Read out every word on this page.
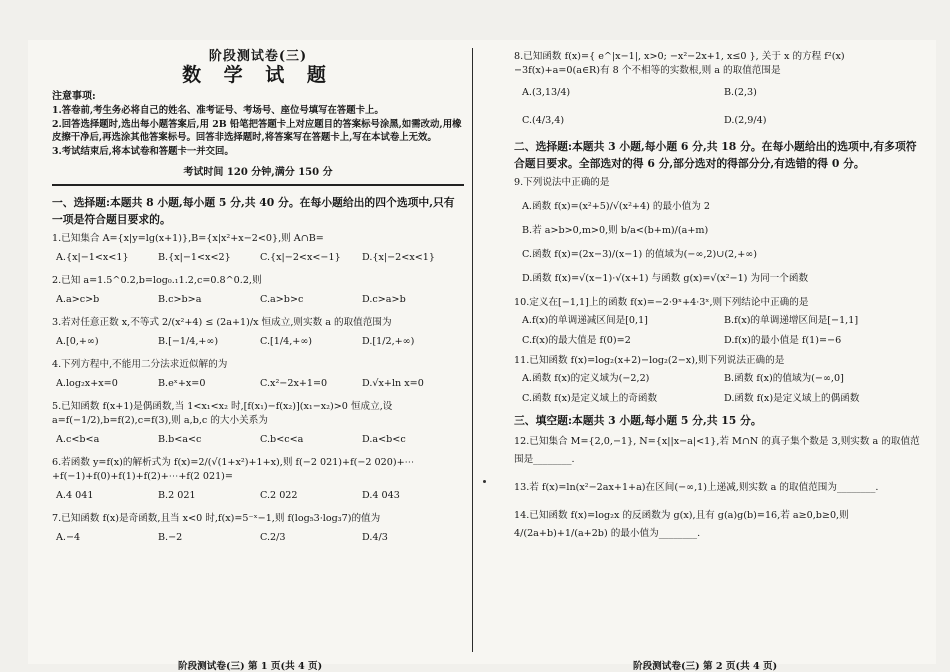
阶段测试卷(三)
数 学 试 题
注意事项:
1.答卷前,考生务必将自己的姓名、准考证号、考场号、座位号填写在答题卡上。
2.回答选择题时,选出每小题答案后,用 2B 铅笔把答题卡上对应题目的答案标号涂黑,如需改动,用橡皮擦干净后,再选涂其他答案标号。回答非选择题时,将答案写在答题卡上,写在本试卷上无效。
3.考试结束后,将本试卷和答题卡一并交回。
考试时间 120 分钟,满分 150 分
一、选择题:本题共 8 小题,每小题 5 分,共 40 分。在每小题给出的四个选项中,只有一项是符合题目要求的。
1.已知集合 A={x|y=lg(x+1)},B={x|x²+x−2<0},则 A∩B=
A.{x|−1<x<1}	B.{x|−1<x<2}	C.{x|−2<x<−1}	D.{x|−2<x<1}
2.已知 a=1.5^0.2,b=log₀.₁1.2,c=0.8^0.2,则
A.a>c>b	B.c>b>a	C.a>b>c	D.c>a>b
3.若对任意正数 x,不等式 2/(x²+4) ≤ (2a+1)/x 恒成立,则实数 a 的取值范围为
A.[0,+∞)	B.[−1/4,+∞)	C.[1/4,+∞)	D.[1/2,+∞)
4.下列方程中,不能用二分法求近似解的为
A.log₂x+x=0	B.eˣ+x=0	C.x²−2x+1=0	D.√x+ln x=0
5.已知函数 f(x+1)是偶函数,当 1<x₁<x₂ 时,[f(x₁)−f(x₂)](x₁−x₂)>0 恒成立,设 a=f(−1/2),b=f(2),c=f(3),则 a,b,c 的大小关系为
A.c<b<a	B.b<a<c	C.b<c<a	D.a<b<c
6.若函数 y=f(x)的解析式为 f(x)=2/(√(1+x²)+1+x),则 f(−2 021)+f(−2 020)+⋯+f(−1)+f(0)+f(1)+f(2)+⋯+f(2 021)=
A.4 041	B.2 021	C.2 022	D.4 043
7.已知函数 f(x)是奇函数,且当 x<0 时,f(x)=5⁻ˣ−1,则 f(log₅3·log₃7)的值为
A.−4	B.−2	C.2/3	D.4/3
阶段测试卷(三) 第 1 页(共 4 页)
8.已知函数 f(x)={ e^|x−1|, x>0; −x²−2x+1, x≤0 }, 关于 x 的方程 f²(x)−3f(x)+a=0(a∈R)有 8 个不相等的实数根,则 a 的取值范围是
A.(3,13/4)	B.(2,3)
C.(4/3,4)	D.(2,9/4)
二、选择题:本题共 3 小题,每小题 6 分,共 18 分。在每小题给出的选项中,有多项符合题目要求。全部选对的得 6 分,部分选对的得部分分,有选错的得 0 分。
9.下列说法中正确的是
A.函数 f(x)=(x²+5)/√(x²+4) 的最小值为 2
B.若 a>b>0,m>0,则 b/a<(b+m)/(a+m)
C.函数 f(x)=(2x−3)/(x−1) 的值域为(−∞,2)∪(2,+∞)
D.函数 f(x)=√(x−1)·√(x+1) 与函数 g(x)=√(x²−1) 为同一个函数
10.定义在[−1,1]上的函数 f(x)=−2·9ˣ+4·3ˣ,则下列结论中正确的是
A.f(x)的单调递减区间是[0,1]	B.f(x)的单调递增区间是[−1,1]
C.f(x)的最大值是 f(0)=2	D.f(x)的最小值是 f(1)=−6
11.已知函数 f(x)=log₂(x+2)−log₂(2−x),则下列说法正确的是
A.函数 f(x)的定义域为(−2,2)	B.函数 f(x)的值域为(−∞,0]
C.函数 f(x)是定义域上的奇函数	D.函数 f(x)是定义域上的偶函数
三、填空题:本题共 3 小题,每小题 5 分,共 15 分。
12.已知集合 M={2,0,−1}, N={x||x−a|<1},若 M∩N 的真子集个数是 3,则实数 a 的取值范围是________.
13.若 f(x)=ln(x²−2ax+1+a)在区间(−∞,1)上递减,则实数 a 的取值范围为________.
14.已知函数 f(x)=log₂x 的反函数为 g(x),且有 g(a)g(b)=16,若 a≥0,b≥0,则 4/(2a+b)+1/(a+2b) 的最小值为________.
阶段测试卷(三) 第 2 页(共 4 页)
